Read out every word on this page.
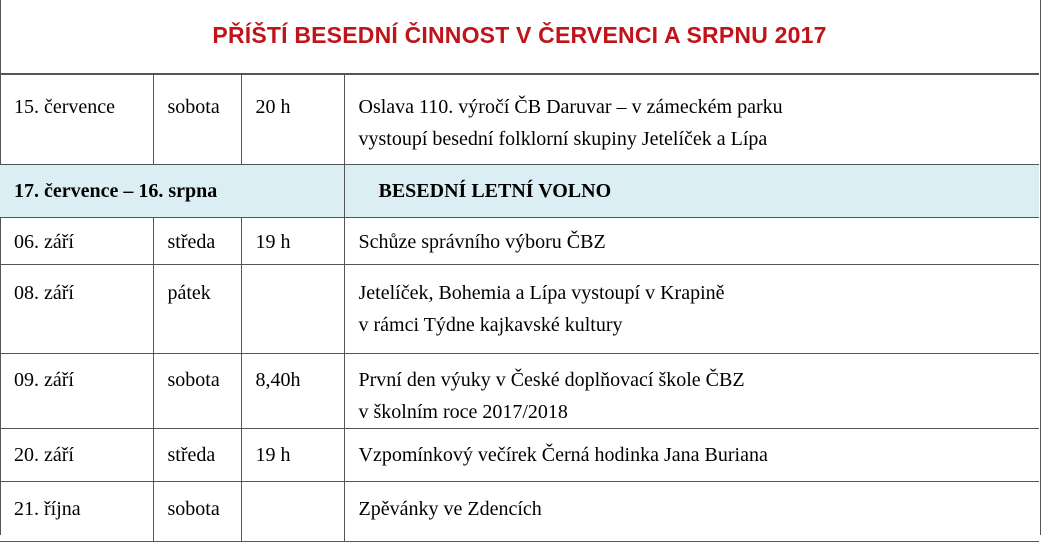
PŘÍŠTÍ BESEDNÍ ČINNOST V ČERVENCI A SRPNU 2017
15. července	sobota	20 h	Oslava 110. výročí ČB Daruvar – v zámeckém parku
vystoupí besední folklorní skupiny Jetelíček a Lípa

17. července – 16. srpna			BESEDNÍ LETNÍ VOLNO
06. září	středa	19 h	Schůze správního výboru ČBZ
08. září	pátek		Jetelíček, Bohemia a Lípa vystoupí v Krapině
v rámci Týdne kajkavské kultury

09. září	sobota	8,40h	První den výuky v České doplňovací škole ČBZ
v školním roce 2017/2018

20. září	středa	19 h	Vzpomínkový večírek Černá hodinka Jana Buriana
21. října	sobota		Zpěvánky ve Zdencích
